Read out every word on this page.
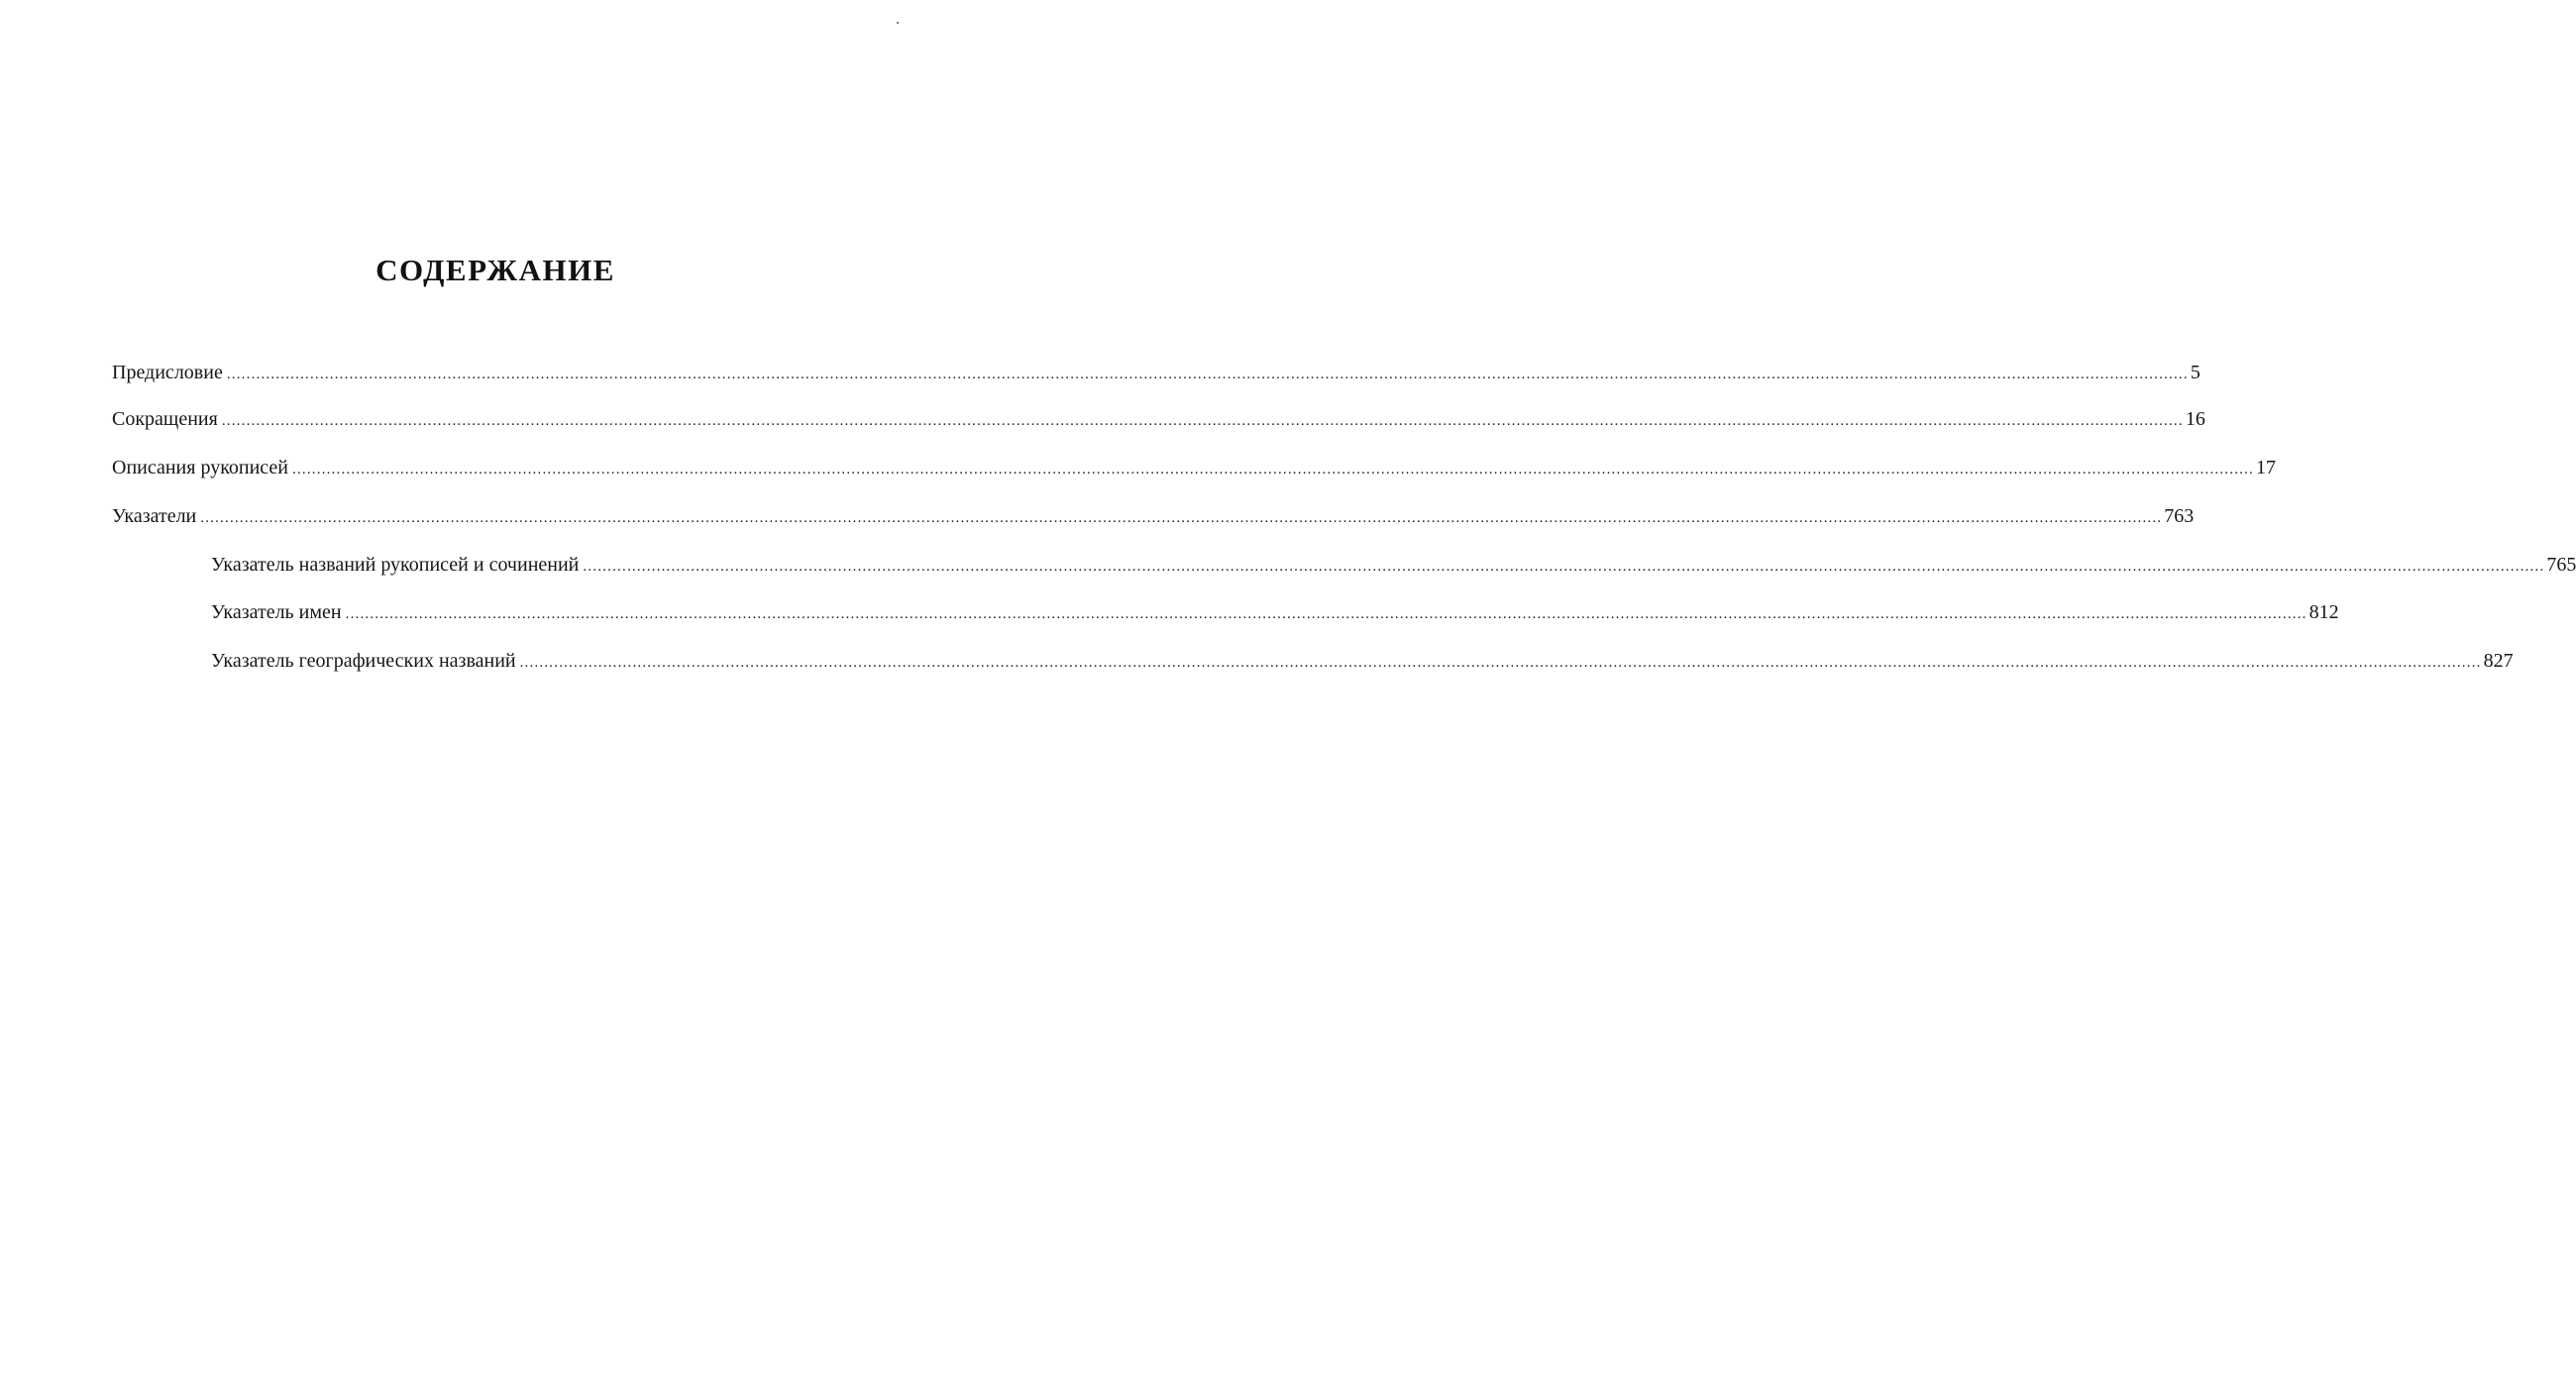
СОДЕРЖАНИЕ
Предисловие ................................................................................................................................................................................................................................................................................................................................................................................................................ 5
Сокращения ................................................................................................................................................................................................................................................................................................................................................................................................................ 16
Описания рукописей ................................................................................................................................................................................................................................................................................................................................................................................................................ 17
Указатели ................................................................................................................................................................................................................................................................................................................................................................................................................ 763
Указатель названий рукописей и сочинений ................................................................................................................................................................................................................................................................................................................................................................................................................ 765
Указатель имен ................................................................................................................................................................................................................................................................................................................................................................................................................ 812
Указатель географических названий ................................................................................................................................................................................................................................................................................................................................................................................................................ 827
